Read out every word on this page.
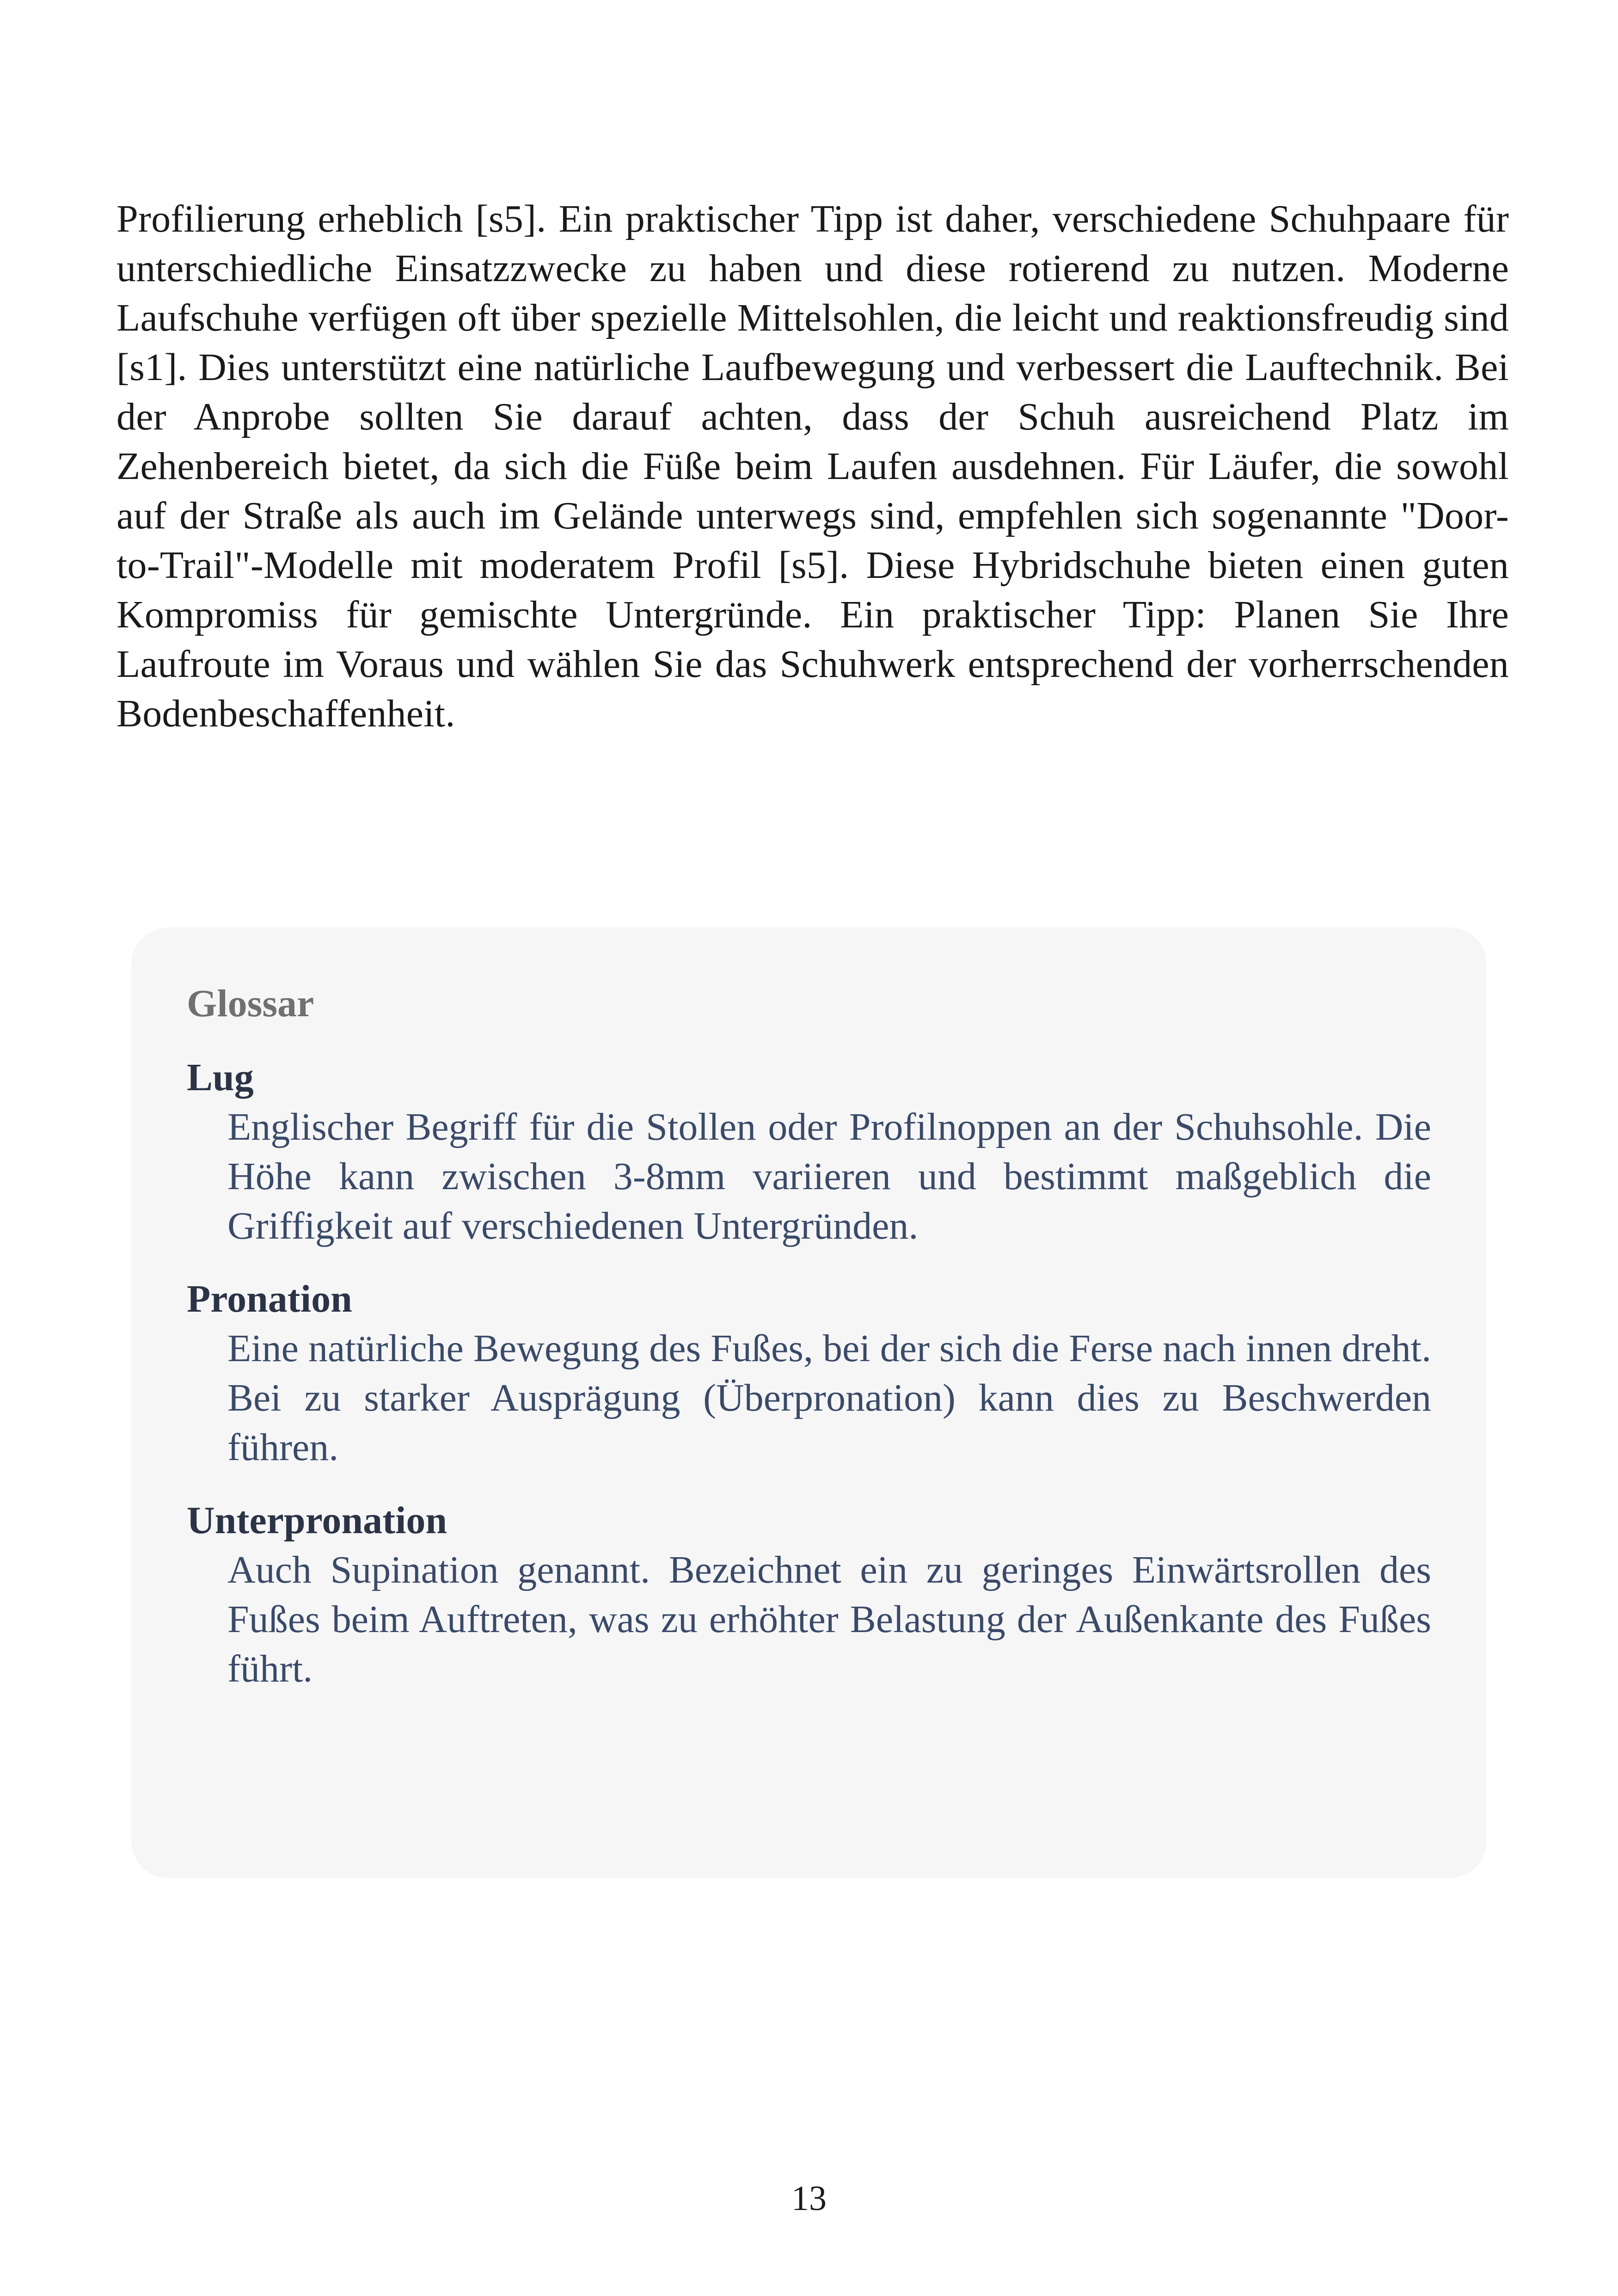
Profilierung erheblich [s5]. Ein praktischer Tipp ist daher, verschiedene Schuhpaare für unterschiedliche Einsatzzwecke zu haben und diese rotierend zu nutzen. Moderne Laufschuhe verfügen oft über spezielle Mittelsohlen, die leicht und reaktionsfreudig sind [s1]. Dies unterstützt eine natürliche Laufbewegung und verbessert die Lauftechnik. Bei der Anprobe sollten Sie darauf achten, dass der Schuh ausreichend Platz im Zehenbereich bietet, da sich die Füße beim Laufen ausdehnen. Für Läufer, die sowohl auf der Straße als auch im Gelände unterwegs sind, empfehlen sich sogenannte "Door-to-Trail"-Modelle mit moderatem Profil [s5]. Diese Hybridschuhe bieten einen guten Kompromiss für gemischte Untergründe. Ein praktischer Tipp: Planen Sie Ihre Laufroute im Voraus und wählen Sie das Schuhwerk entsprechend der vorherrschenden Bodenbeschaffenheit.

Glossar
Lug
Englischer Begriff für die Stollen oder Profilnoppen an der Schuhsohle. Die Höhe kann zwischen 3-8mm variieren und bestimmt maßgeblich die Griffigkeit auf verschiedenen Untergründen.
Pronation
Eine natürliche Bewegung des Fußes, bei der sich die Ferse nach innen dreht. Bei zu starker Ausprägung (Überpronation) kann dies zu Beschwerden führen.
Unterpronation
Auch Supination genannt. Bezeichnet ein zu geringes Einwärtsrollen des Fußes beim Auftreten, was zu erhöhter Belastung der Außenkante des Fußes führt.
13
